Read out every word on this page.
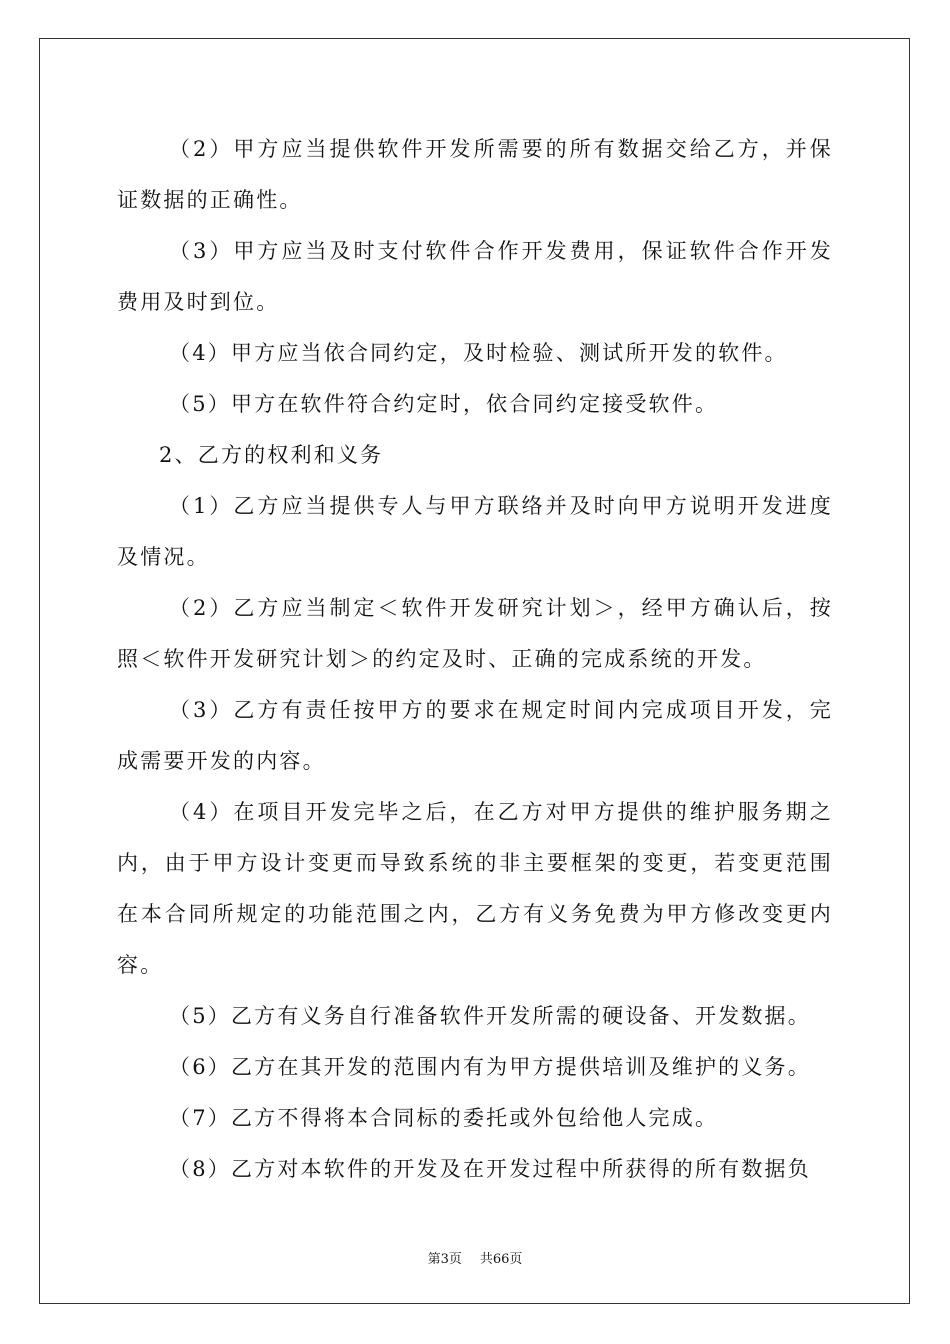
（2）甲方应当提供软件开发所需要的所有数据交给乙方，并保证数据的正确性。

（3）甲方应当及时支付软件合作开发费用，保证软件合作开发费用及时到位。

（4）甲方应当依合同约定，及时检验、测试所开发的软件。

（5）甲方在软件符合约定时，依合同约定接受软件。

2、乙方的权利和义务

（1）乙方应当提供专人与甲方联络并及时向甲方说明开发进度及情况。

（2）乙方应当制定＜软件开发研究计划＞，经甲方确认后，按照＜软件开发研究计划＞的约定及时、正确的完成系统的开发。

（3）乙方有责任按甲方的要求在规定时间内完成项目开发，完成需要开发的内容。

（4）在项目开发完毕之后，在乙方对甲方提供的维护服务期之内，由于甲方设计变更而导致系统的非主要框架的变更，若变更范围在本合同所规定的功能范围之内，乙方有义务免费为甲方修改变更内容。

（5）乙方有义务自行准备软件开发所需的硬设备、开发数据。

（6）乙方在其开发的范围内有为甲方提供培训及维护的义务。

（7）乙方不得将本合同标的委托或外包给他人完成。

（8）乙方对本软件的开发及在开发过程中所获得的所有数据负

第3页 共66页
